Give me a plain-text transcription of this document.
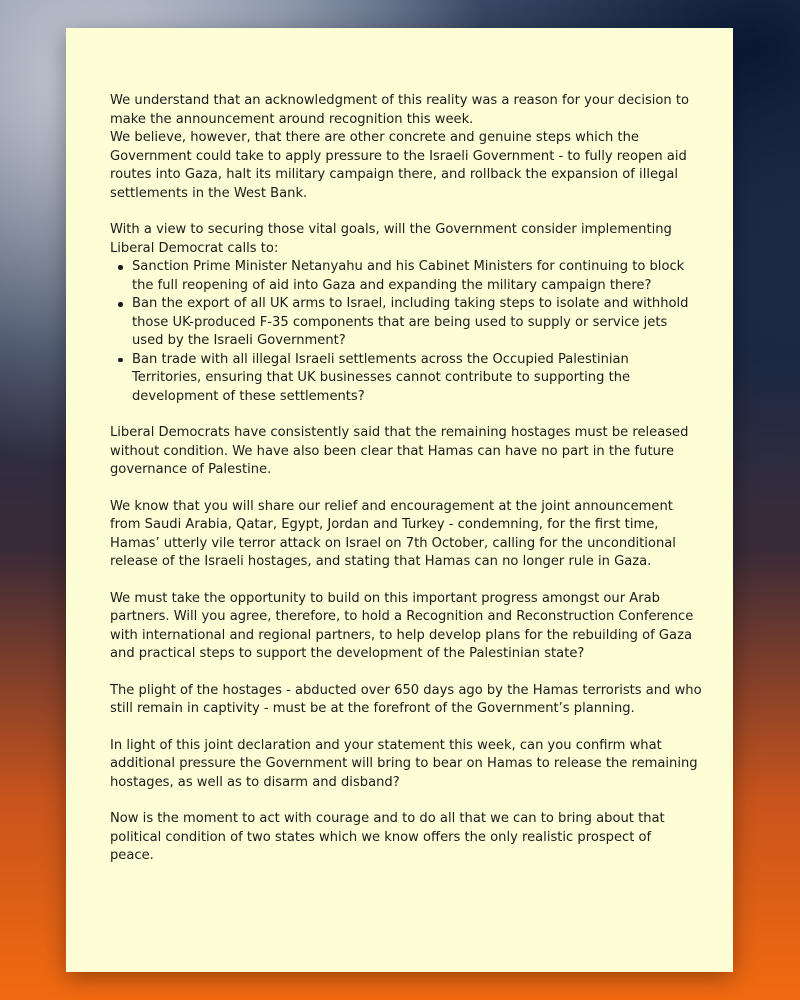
We understand that an acknowledgment of this reality was a reason for your decision to
make the announcement around recognition this week.
We believe, however, that there are other concrete and genuine steps which the
Government could take to apply pressure to the Israeli Government - to fully reopen aid
routes into Gaza, halt its military campaign there, and rollback the expansion of illegal
settlements in the West Bank.

With a view to securing those vital goals, will the Government consider implementing
Liberal Democrat calls to:

Sanction Prime Minister Netanyahu and his Cabinet Ministers for continuing to block
the full reopening of aid into Gaza and expanding the military campaign there?
Ban the export of all UK arms to Israel, including taking steps to isolate and withhold
those UK-produced F-35 components that are being used to supply or service jets
used by the Israeli Government?
Ban trade with all illegal Israeli settlements across the Occupied Palestinian
Territories, ensuring that UK businesses cannot contribute to supporting the
development of these settlements?

Liberal Democrats have consistently said that the remaining hostages must be released
without condition. We have also been clear that Hamas can have no part in the future
governance of Palestine.

We know that you will share our relief and encouragement at the joint announcement
from Saudi Arabia, Qatar, Egypt, Jordan and Turkey - condemning, for the first time,
Hamas’ utterly vile terror attack on Israel on 7th October, calling for the unconditional
release of the Israeli hostages, and stating that Hamas can no longer rule in Gaza.

We must take the opportunity to build on this important progress amongst our Arab
partners. Will you agree, therefore, to hold a Recognition and Reconstruction Conference
with international and regional partners, to help develop plans for the rebuilding of Gaza
and practical steps to support the development of the Palestinian state?

The plight of the hostages - abducted over 650 days ago by the Hamas terrorists and who
still remain in captivity - must be at the forefront of the Government’s planning.

In light of this joint declaration and your statement this week, can you confirm what
additional pressure the Government will bring to bear on Hamas to release the remaining
hostages, as well as to disarm and disband?

Now is the moment to act with courage and to do all that we can to bring about that
political condition of two states which we know offers the only realistic prospect of
peace.
